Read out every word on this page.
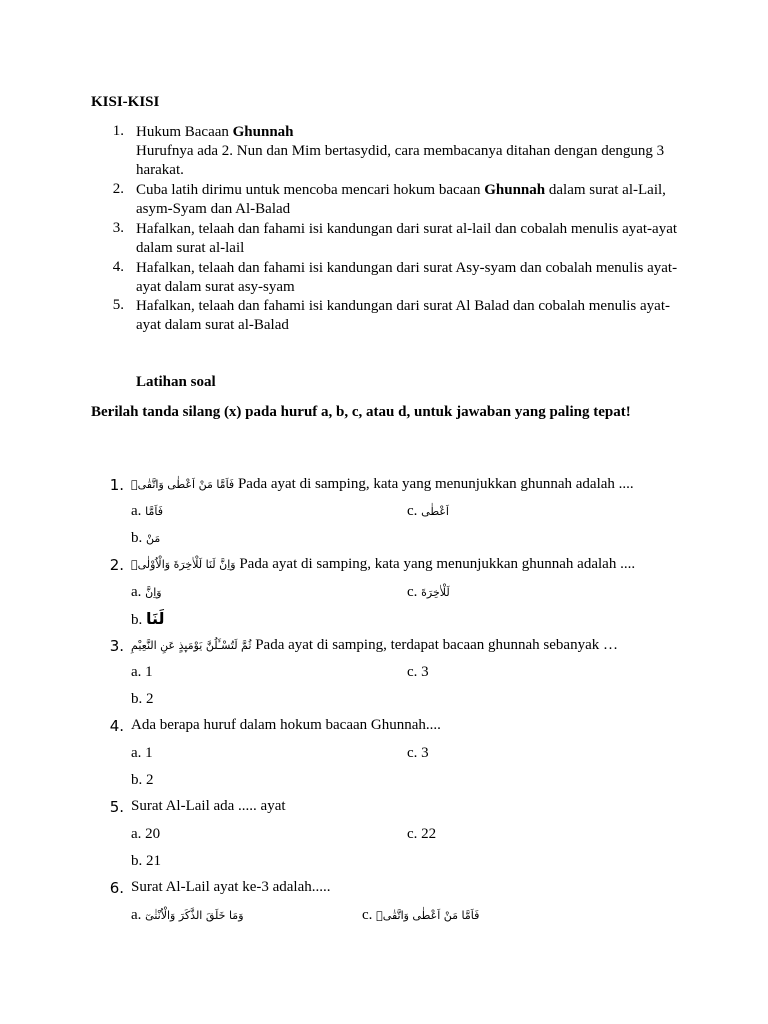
KISI-KISI
1. Hukum Bacaan Ghunnah
Hurufnya ada 2. Nun dan Mim bertasydid, cara membacanya ditahan dengan dengung 3 harakat.
2. Cuba latih dirimu untuk mencoba mencari hokum bacaan Ghunnah dalam surat al-Lail, asym-Syam dan Al-Balad
3. Hafalkan, telaah dan fahami isi kandungan dari surat al-lail dan cobalah menulis ayat-ayat dalam surat al-lail
4. Hafalkan, telaah dan fahami isi kandungan dari surat Asy-syam dan cobalah menulis ayat-ayat dalam surat asy-syam
5. Hafalkan, telaah dan fahami isi kandungan dari surat Al Balad dan cobalah menulis ayat-ayat dalam surat al-Balad
Latihan soal
Berilah tanda silang (x) pada huruf a, b, c, atau d, untuk jawaban yang paling tepat!
1. فَاَمَّا مَنْ اَعْطٰى وَاتَّقٰىۙ Pada ayat di samping, kata yang menunjukkan ghunnah adalah ....
a. فَاَمَّا	c. اَعْطٰى
b. مَنْ
2. وَاِنَّ لَنَا لَلْاٰخِرَةَ وَالْاُوْلٰىۗ Pada ayat di samping, kata yang menunjukkan ghunnah adalah ....
a. وَاِنَّ	c. لَلْاٰخِرَةَ
b. لَنَا
3. ثُمَّ لَتُسْـَٔلُنَّ يَوْمَىِٕذٍ عَنِ النَّعِيْمِ Pada ayat di samping, terdapat bacaan ghunnah sebanyak …
a. 1	c. 3
b. 2
4. Ada berapa huruf dalam hokum bacaan Ghunnah....
a. 1	c. 3
b. 2
5. Surat Al-Lail ada ..... ayat
a. 20	c. 22
b. 21
6. Surat Al-Lail ayat ke-3 adalah.....
a. وَمَا خَلَقَ الذَّكَرَ وَالْاُنْثٰىٓ	c. فَاَمَّا مَنْ اَعْطٰى وَاتَّقٰىۙ
